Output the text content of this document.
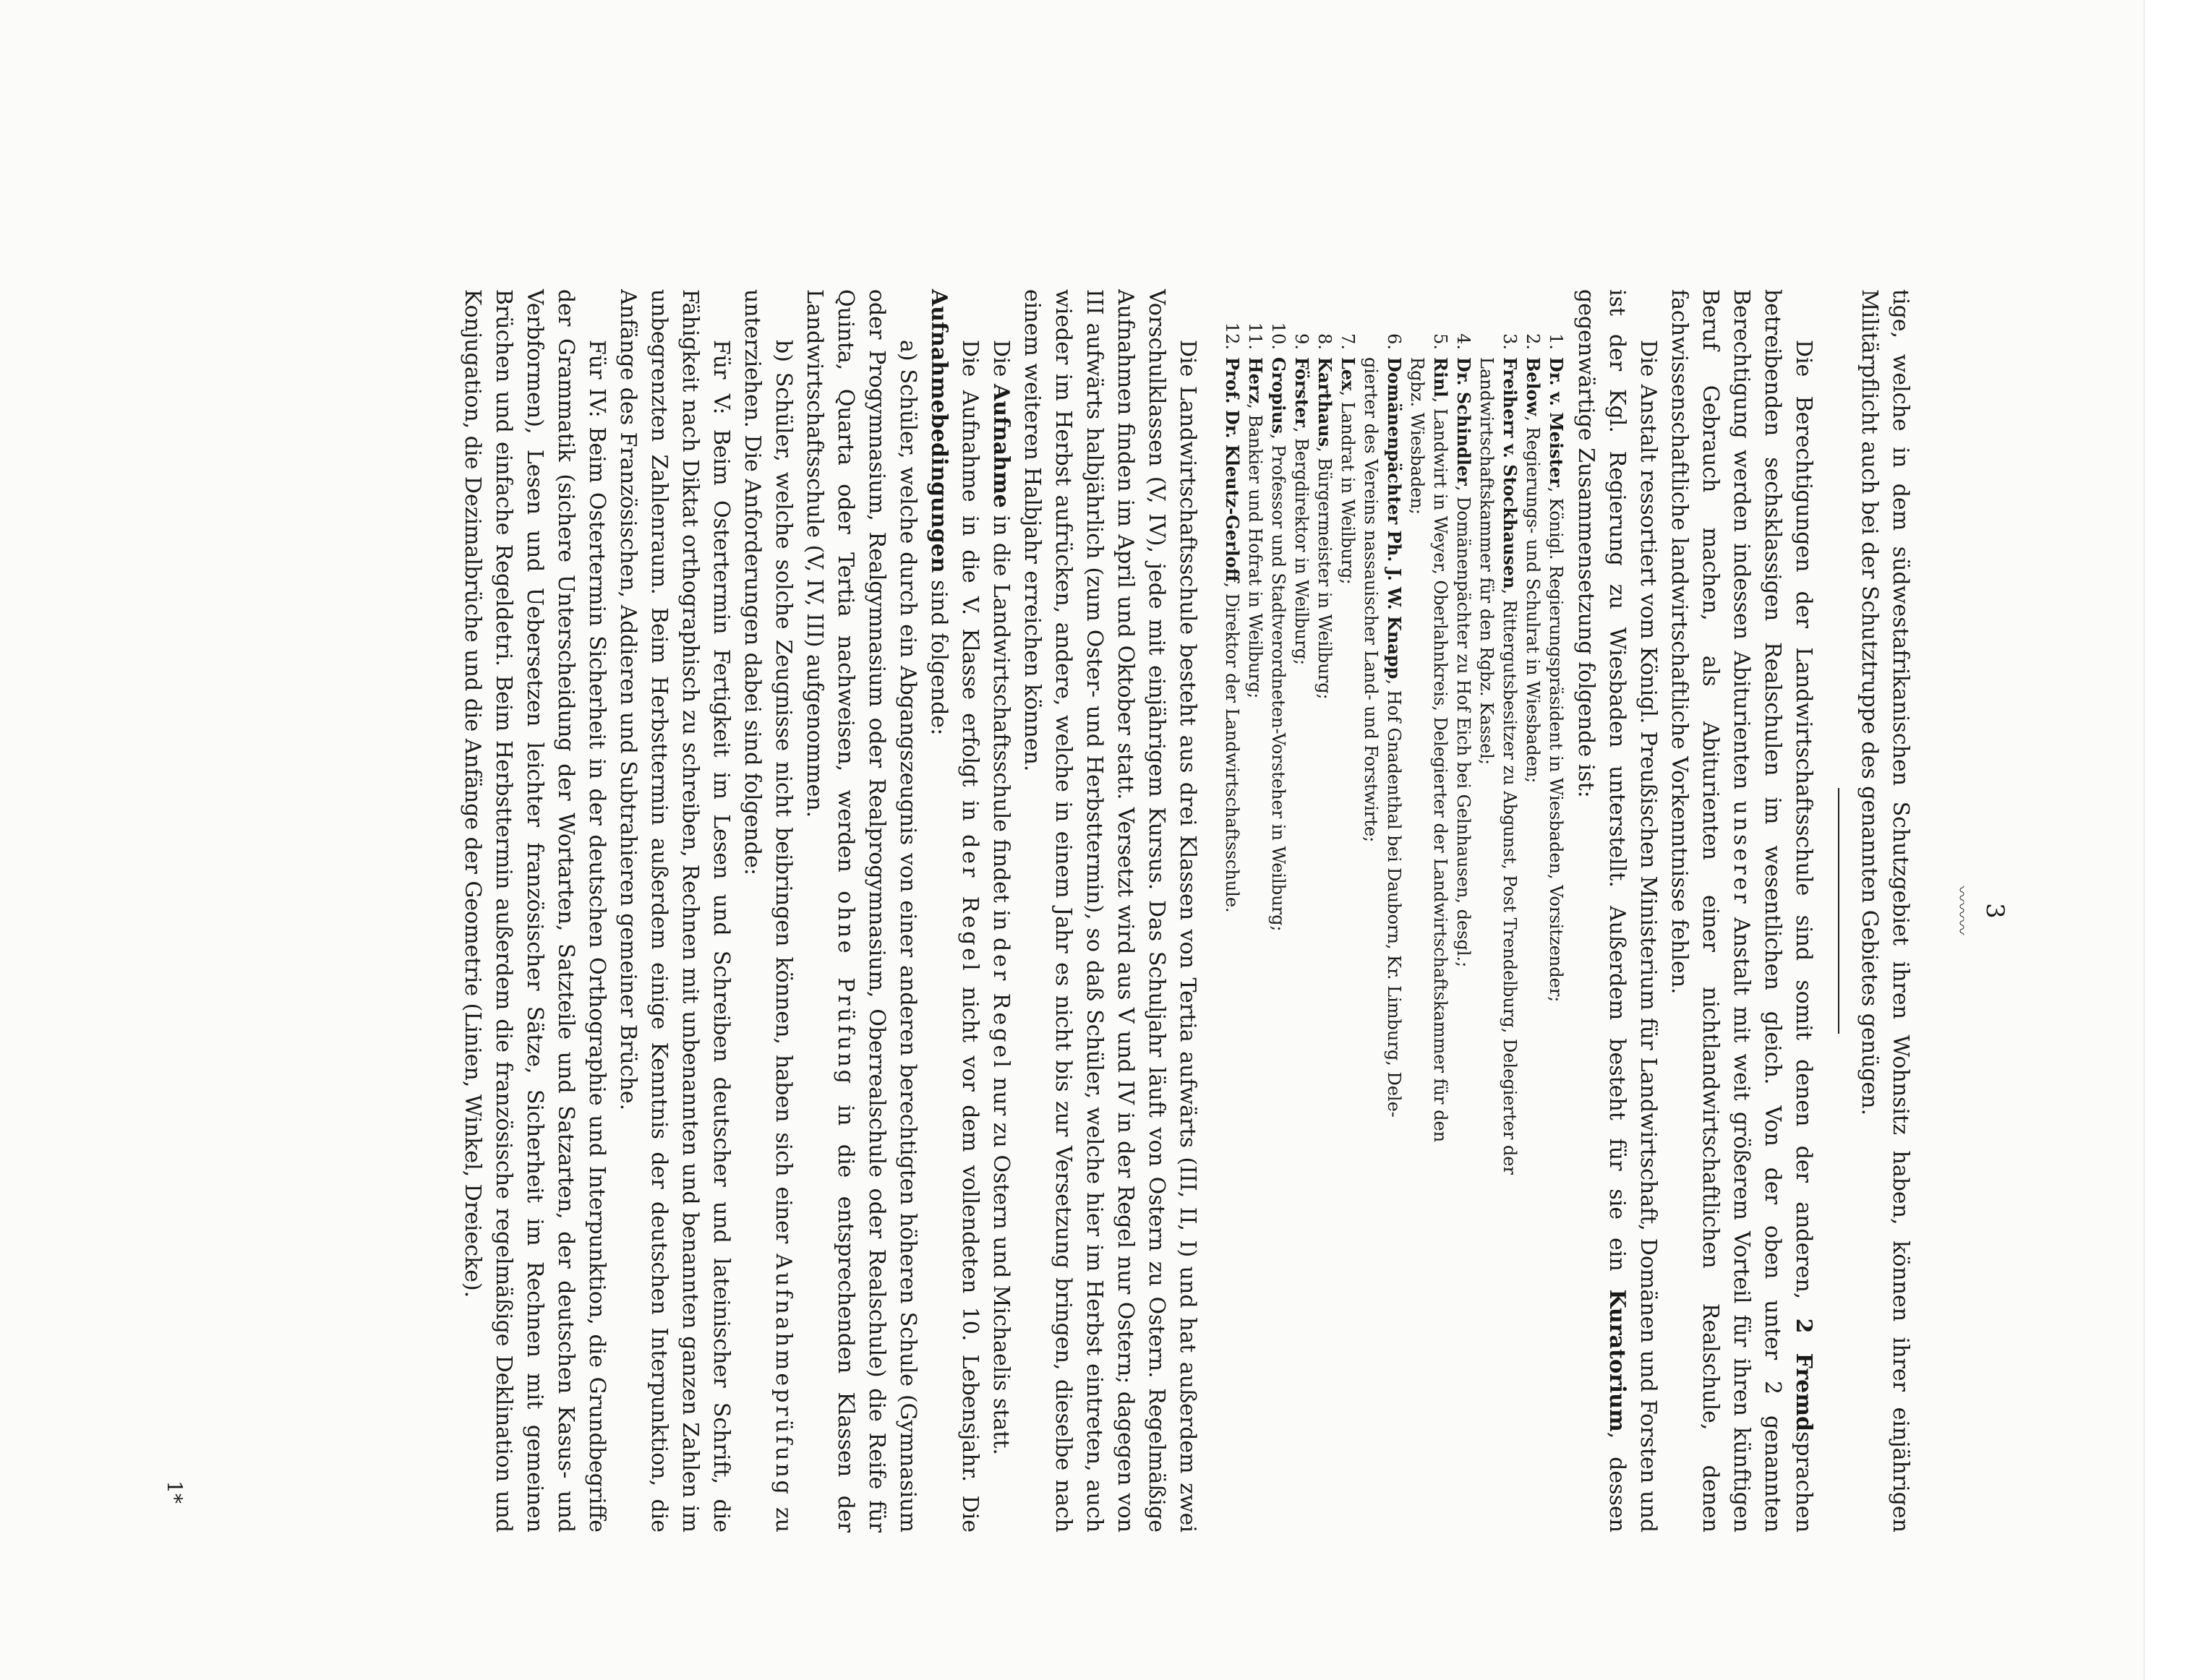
3
〰〰〰

tige, welche in dem südwestafrikanischen Schutzgebiet ihren Wohnsitz haben, können ihrer einjährigen Militärpflicht auch bei der Schutztruppe des genannten Gebietes genügen.

Die Berechtigungen der Landwirtschaftsschule sind somit denen der anderen, 2 Fremdsprachen betreibenden sechsklassigen Realschulen im wesentlichen gleich. Von der oben unter 2 genannten Berechtigung werden indessen Abiturienten unserer Anstalt mit weit größerem Vorteil für ihren künftigen Beruf Gebrauch machen, als Abiturienten einer nichtlandwirtschaftlichen Realschule, denen fachwissenschaftliche landwirtschaftliche Vorkenntnisse fehlen.

Die Anstalt ressortiert vom Königl. Preußischen Ministerium für Landwirtschaft, Domänen und Forsten und ist der Kgl. Regierung zu Wiesbaden unterstellt. Außerdem besteht für sie ein Kuratorium, dessen gegenwärtige Zusammensetzung folgende ist:

1.
Dr. v. Meister, Königl. Regierungspräsident in Wiesbaden, Vorsitzender;
2.
Below, Regierungs- und Schulrat in Wiesbaden;
3.
Freiherr v. Stockhausen, Rittergutsbesitzer zu Abgunst, Post Trendelburg, Delegierter der
Landwirtschaftskammer für den Rgbz. Kassel;
4.
Dr. Schindler, Domänenpächter zu Hof Eich bei Gelnhausen, desgl.;
5.
Rinl, Landwirt in Weyer, Oberlahnkreis, Delegierter der Landwirtschaftskammer für den
Rgbz. Wiesbaden;
6.
Domänenpächter Ph. J. W. Knapp, Hof Gnadenthal bei Dauborn, Kr. Limburg, Dele-
gierter des Vereins nassauischer Land- und Forstwirte;
7.
Lex, Landrat in Weilburg;
8.
Karthaus, Bürgermeister in Weilburg;
9.
Förster, Bergdirektor in Weilburg;
10.
Gropius, Professor und Stadtverordneten-Vorsteher in Weilburg;
11.
Herz, Bankier und Hofrat in Weilburg;
12.
Prof. Dr. Kleutz-Gerloff, Direktor der Landwirtschaftsschule.

Die Landwirtschaftsschule besteht aus drei Klassen von Tertia aufwärts (III, II, I) und hat außerdem zwei Vorschulklassen (V, IV), jede mit einjährigem Kursus. Das Schuljahr läuft von Ostern zu Ostern. Regelmäßige Aufnahmen finden im April und Oktober statt. Versetzt wird aus V und IV in der Regel nur Ostern; dagegen von III aufwärts halbjährlich (zum Oster- und Herbsttermin), so daß Schüler, welche hier im Herbst eintreten, auch wieder im Herbst aufrücken, andere, welche in einem Jahr es nicht bis zur Versetzung bringen, dieselbe nach einem weiteren Halbjahr erreichen können.

Die Aufnahme in die Landwirtschaftsschule findet in der Regel nur zu Ostern und Michaelis statt.

Die Aufnahme in die V. Klasse erfolgt in der Regel nicht vor dem vollendeten 10. Lebensjahr. Die Aufnahmebedingungen sind folgende:

a) Schüler, welche durch ein Abgangszeugnis von einer anderen berechtigten höheren Schule (Gymnasium oder Progymnasium, Realgymnasium oder Realprogymnasium, Oberrealschule oder Realschule) die Reife für Quinta, Quarta oder Tertia nachweisen, werden ohne Prüfung in die entsprechenden Klassen der Landwirtschaftsschule (V, IV, III) aufgenommen.

b) Schüler, welche solche Zeugnisse nicht beibringen können, haben sich einer Aufnahmeprüfung zu unterziehen. Die Anforderungen dabei sind folgende:

Für V: Beim Ostertermin Fertigkeit im Lesen und Schreiben deutscher und lateinischer Schrift, die Fähigkeit nach Diktat orthographisch zu schreiben, Rechnen mit unbenannten und benannten ganzen Zahlen im unbegrenzten Zahlenraum. Beim Herbsttermin außerdem einige Kenntnis der deutschen Interpunktion, die Anfänge des Französischen, Addieren und Subtrahieren gemeiner Brüche.

Für IV: Beim Ostertermin Sicherheit in der deutschen Orthographie und Interpunktion, die Grundbegriffe der Grammatik (sichere Unterscheidung der Wortarten, Satzteile und Satzarten, der deutschen Kasus- und Verbformen), Lesen und Uebersetzen leichter französischer Sätze, Sicherheit im Rechnen mit gemeinen Brüchen und einfache Regeldetri. Beim Herbsttermin außerdem die französische regelmäßige Deklination und Konjugation, die Dezimalbrüche und die Anfänge der Geometrie (Linien, Winkel, Dreiecke).

1*
